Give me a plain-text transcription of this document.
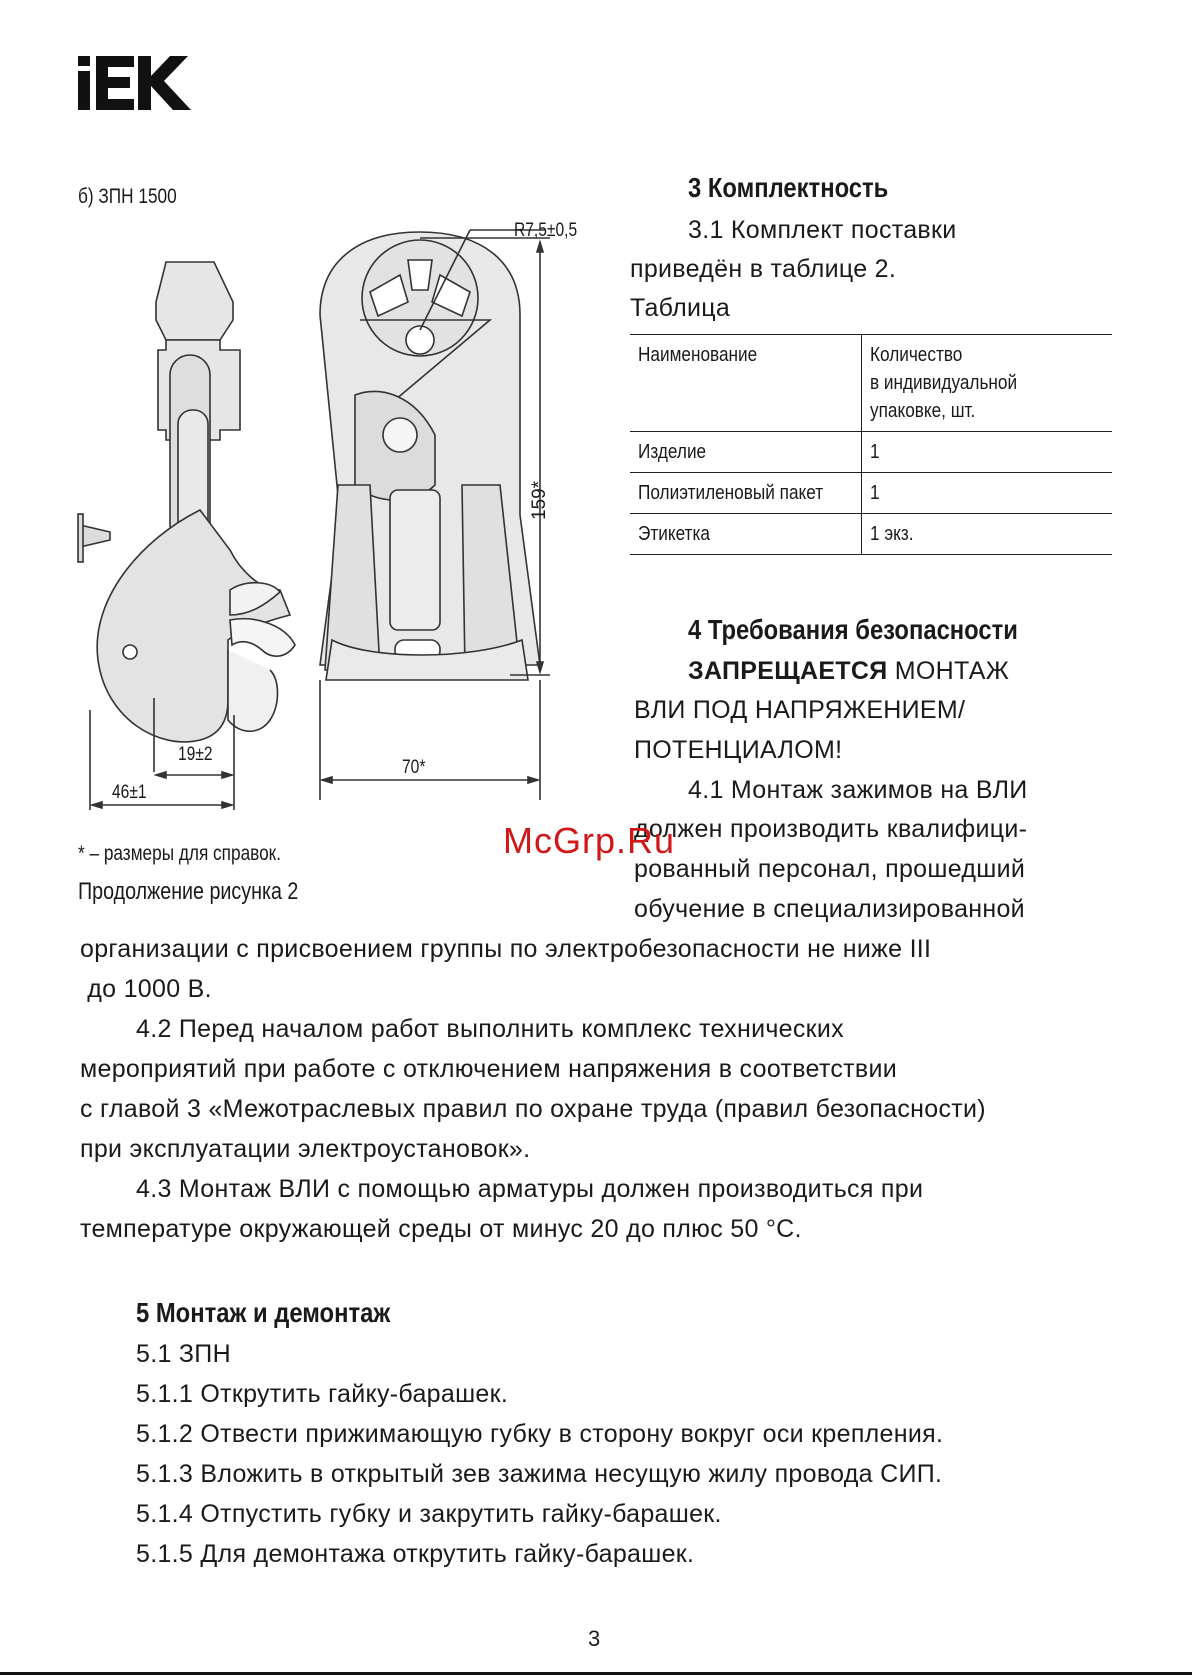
б) ЗПН 1500
R7,5±0,5
159*
70*
19±2
46±1
* – размеры для справок.
Продолжение рисунка 2
3 Комплектность
3.1 Комплект поставки
приведён в таблице 2.
Таблица
Наименование	Количество
в индивидуальной
упаковке, шт.

Изделие	1

Полиэтиленовый пакет	1

Этикетка	1 экз.
4 Требования безопасности
ЗАПРЕЩАЕТСЯ МОНТАЖ
ВЛИ ПОД НАПРЯЖЕНИЕМ/
ПОТЕНЦИАЛОМ!
4.1 Монтаж зажимов на ВЛИ
должен производить квалифици-
рованный персонал, прошедший
обучение в специализированной
организации с присвоением группы по электробезопасности не ниже III
до 1000 В.
4.2 Перед началом работ выполнить комплекс технических
мероприятий при работе с отключением напряжения в соответствии
с главой 3 «Межотраслевых правил по охране труда (правил безопасности)
при эксплуатации электроустановок».
4.3 Монтаж ВЛИ с помощью арматуры должен производиться при
температуре окружающей среды от минус 20 до плюс 50 °С.
5 Монтаж и демонтаж
5.1 ЗПН
5.1.1 Открутить гайку-барашек.
5.1.2 Отвести прижимающую губку в сторону вокруг оси крепления.
5.1.3 Вложить в открытый зев зажима несущую жилу провода СИП.
5.1.4 Отпустить губку и закрутить гайку-барашек.
5.1.5 Для демонтажа открутить гайку-барашек.
McGrp.Ru
3
